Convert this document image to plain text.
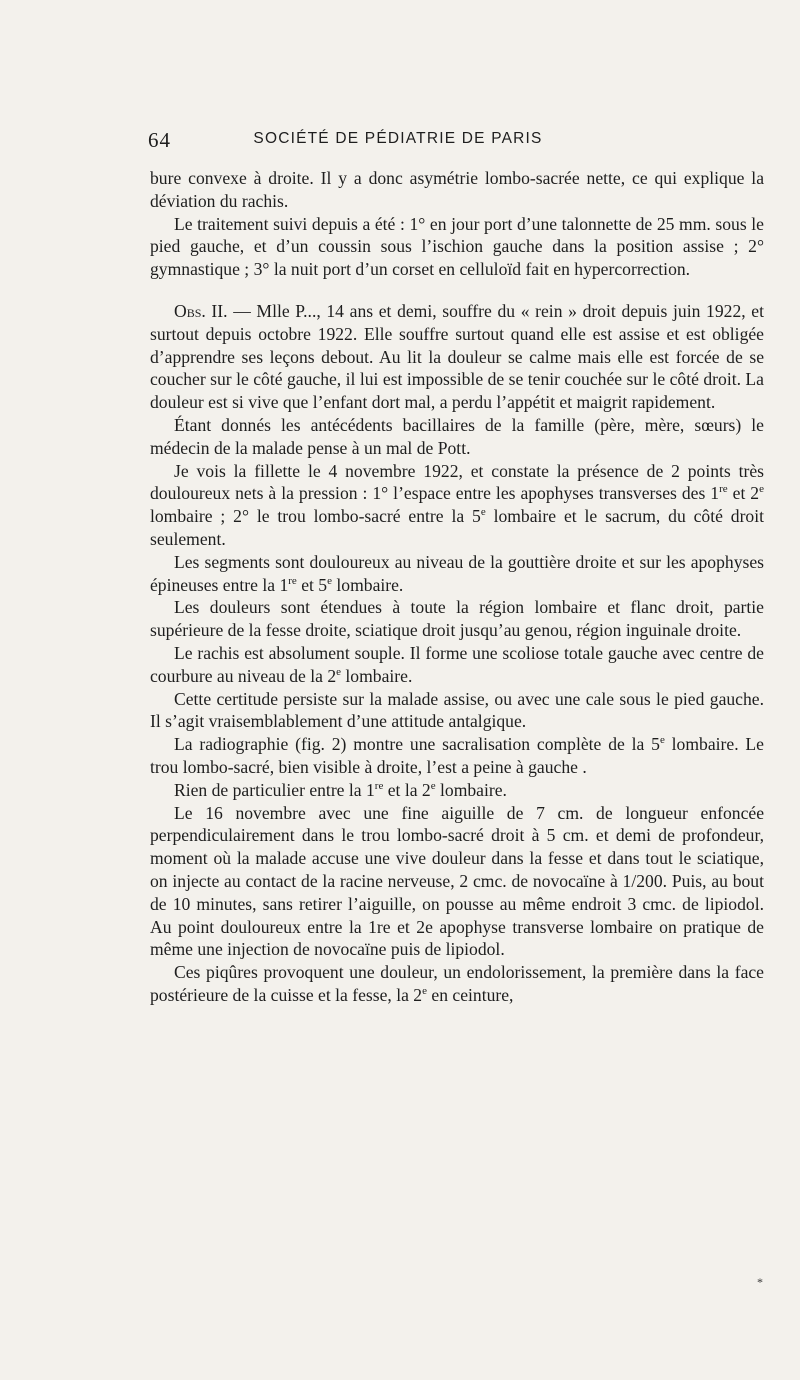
64	SOCIÉTÉ DE PÉDIATRIE DE PARIS

bure convexe à droite. Il y a donc asymétrie lombo-sacrée nette, ce qui explique la déviation du rachis.

Le traitement suivi depuis a été : 1° en jour port d’une talonnette de 25 mm. sous le pied gauche, et d’un coussin sous l’ischion gauche dans la position assise ; 2° gymnastique ; 3° la nuit port d’un corset en celluloïd fait en hypercorrection.

Obs. II. — Mlle P..., 14 ans et demi, souffre du « rein » droit depuis juin 1922, et surtout depuis octobre 1922. Elle souffre surtout quand elle est assise et est obligée d’apprendre ses leçons debout. Au lit la douleur se calme mais elle est forcée de se coucher sur le côté gauche, il lui est impossible de se tenir couchée sur le côté droit. La douleur est si vive que l’enfant dort mal, a perdu l’appétit et maigrit rapidement.

Étant donnés les antécédents bacillaires de la famille (père, mère, sœurs) le médecin de la malade pense à un mal de Pott.

Je vois la fillette le 4 novembre 1922, et constate la présence de 2 points très douloureux nets à la pression : 1° l’espace entre les apophyses transverses des 1re et 2e lombaire ; 2° le trou lombo-sacré entre la 5e lombaire et le sacrum, du côté droit seulement.

Les segments sont douloureux au niveau de la gouttière droite et sur les apophyses épineuses entre la 1re et 5e lombaire.

Les douleurs sont étendues à toute la région lombaire et flanc droit, partie supérieure de la fesse droite, sciatique droit jusqu’au genou, région inguinale droite.

Le rachis est absolument souple. Il forme une scoliose totale gauche avec centre de courbure au niveau de la 2e lombaire.

Cette certitude persiste sur la malade assise, ou avec une cale sous le pied gauche. Il s’agit vraisemblablement d’une attitude antalgique.

La radiographie (fig. 2) montre une sacralisation complète de la 5e lombaire. Le trou lombo-sacré, bien visible à droite, l’est a peine à gauche .

Rien de particulier entre la 1re et la 2e lombaire.

Le 16 novembre avec une fine aiguille de 7 cm. de longueur enfoncée perpendiculairement dans le trou lombo-sacré droit à 5 cm. et demi de profondeur, moment où la malade accuse une vive douleur dans la fesse et dans tout le sciatique, on injecte au contact de la racine nerveuse, 2 cmc. de novocaïne à 1/200. Puis, au bout de 10 minutes, sans retirer l’aiguille, on pousse au même endroit 3 cmc. de lipiodol. Au point douloureux entre la 1re et 2e apophyse transverse lombaire on pratique de même une injection de novocaïne puis de lipiodol.

Ces piqûres provoquent une douleur, un endolorissement, la première dans la face postérieure de la cuisse et la fesse, la 2e en ceinture,

*
